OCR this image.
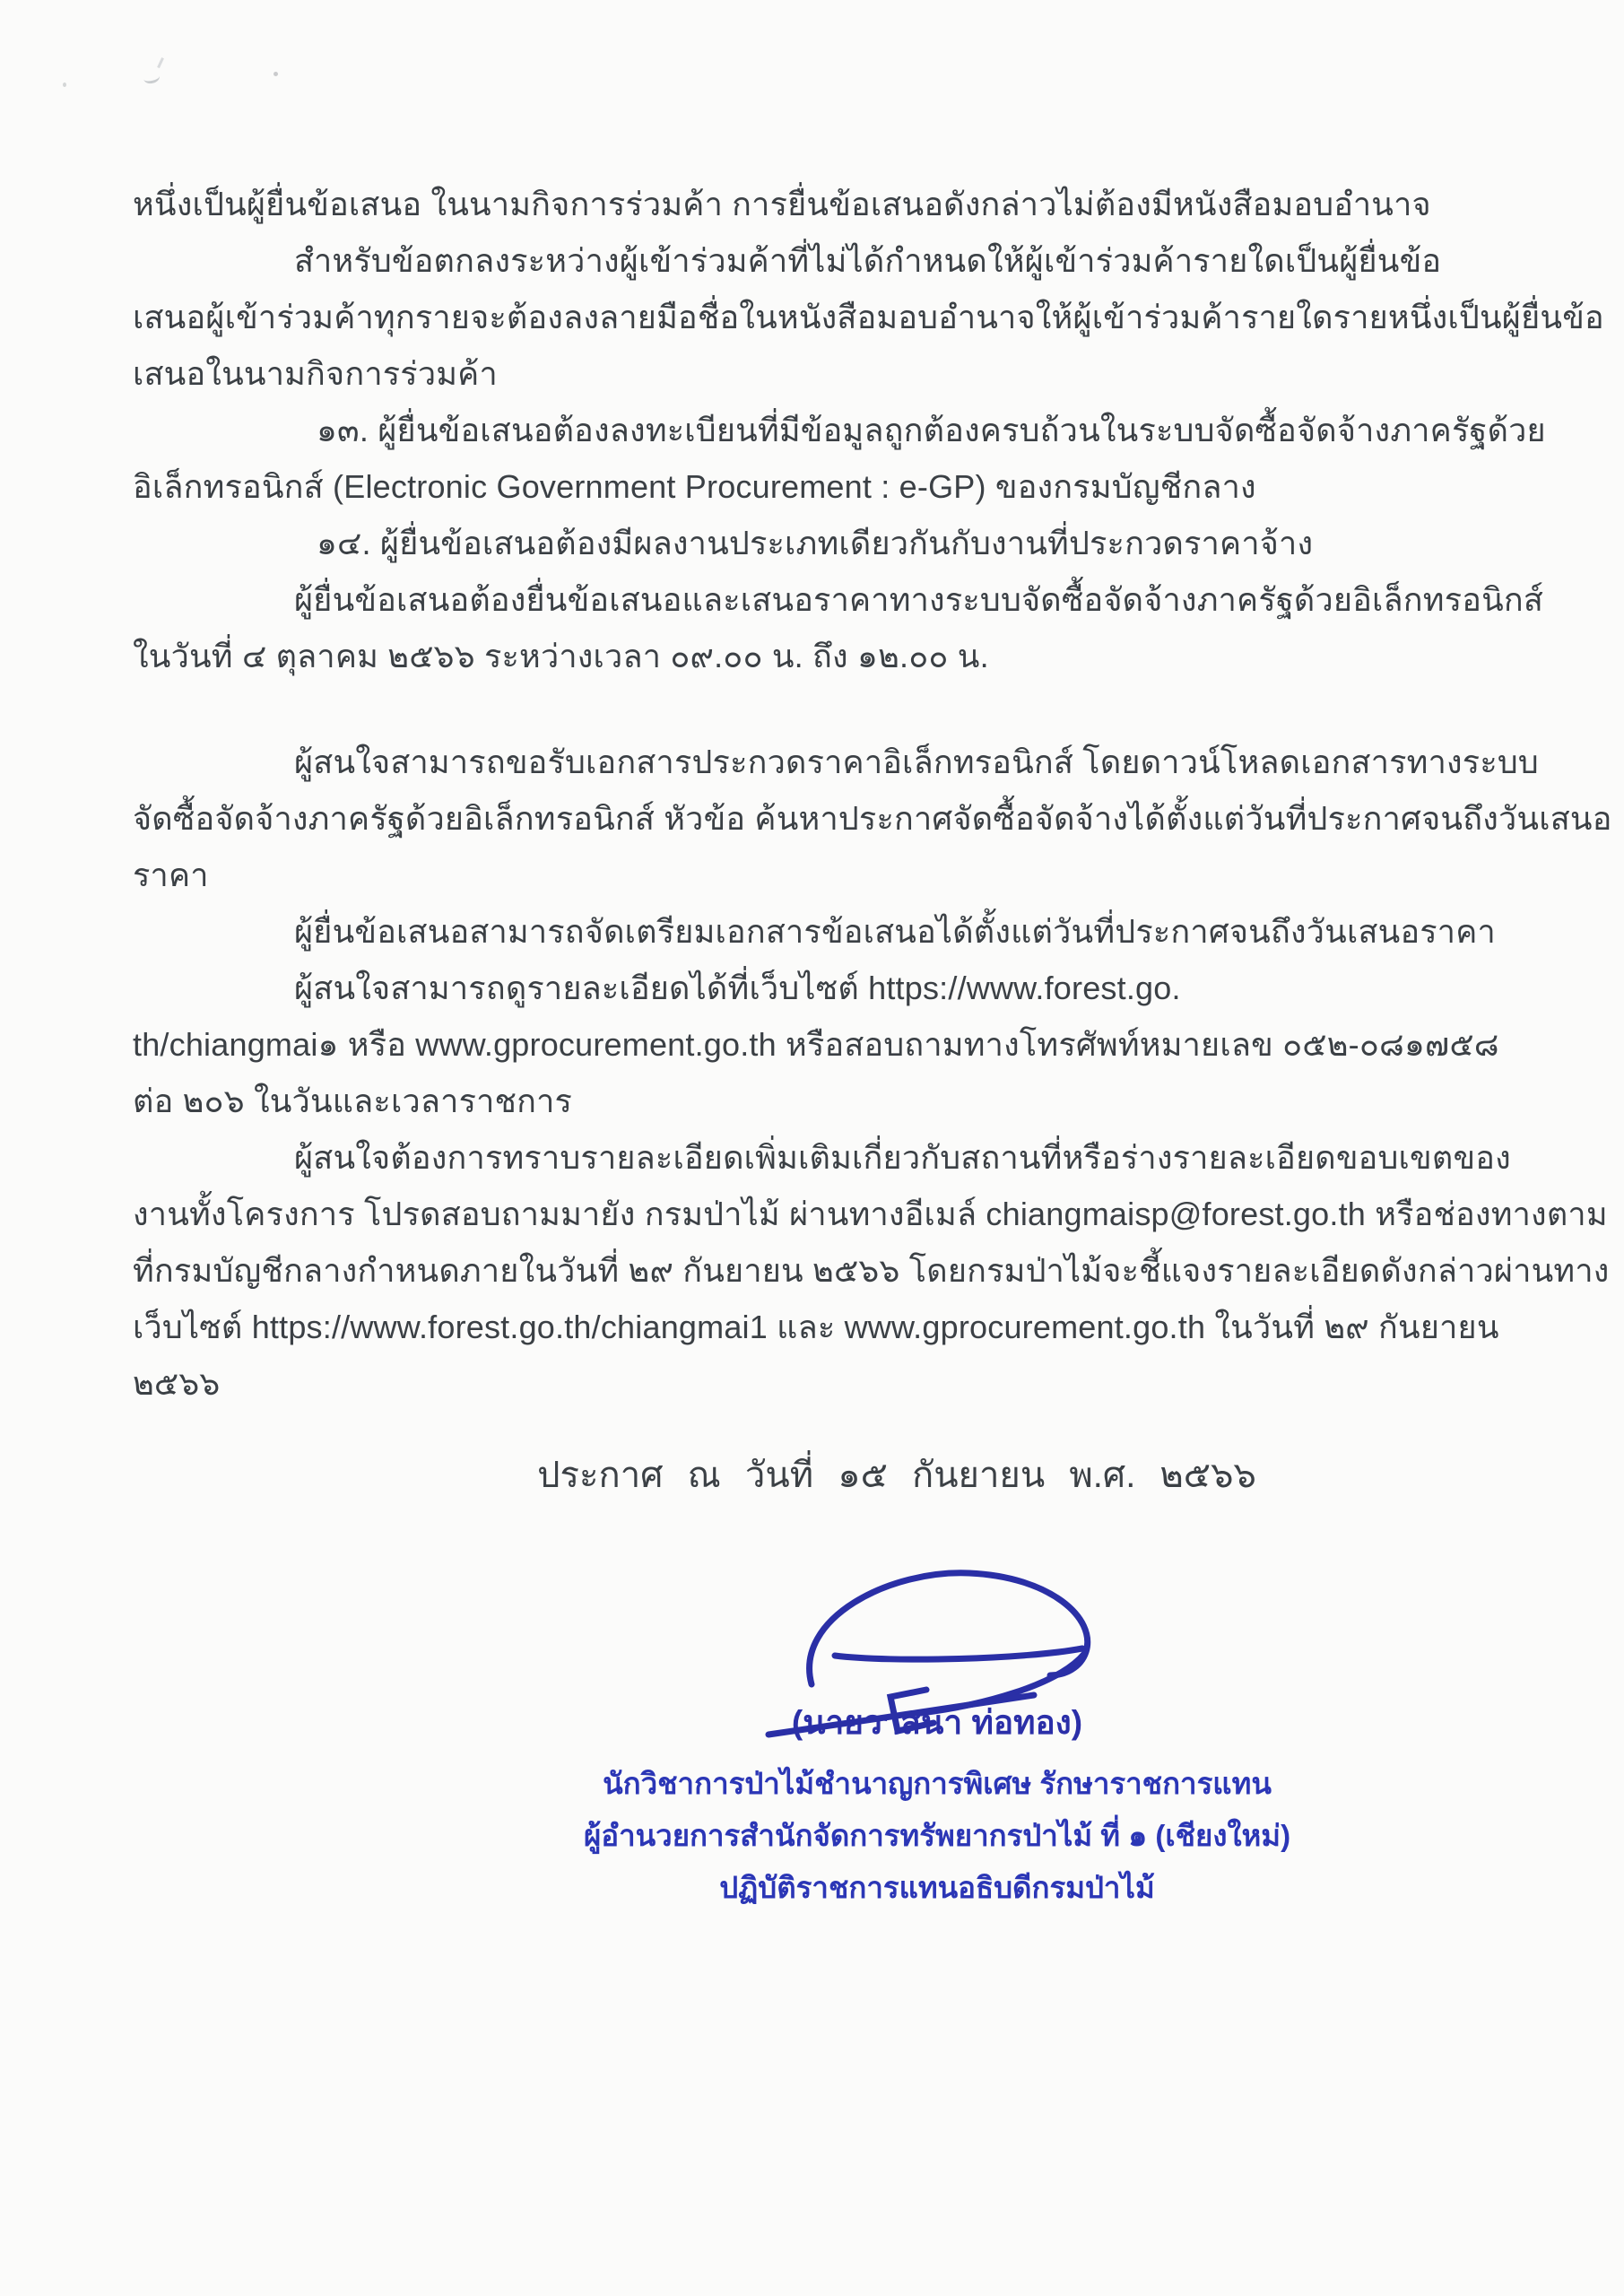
หนึ่งเป็นผู้ยื่นข้อเสนอ ในนามกิจการร่วมค้า การยื่นข้อเสนอดังกล่าวไม่ต้องมีหนังสือมอบอำนาจ
สำหรับข้อตกลงระหว่างผู้เข้าร่วมค้าที่ไม่ได้กำหนดให้ผู้เข้าร่วมค้ารายใดเป็นผู้ยื่นข้อ
เสนอผู้เข้าร่วมค้าทุกรายจะต้องลงลายมือชื่อในหนังสือมอบอำนาจให้ผู้เข้าร่วมค้ารายใดรายหนึ่งเป็นผู้ยื่นข้อ
เสนอในนามกิจการร่วมค้า
๑๓. ผู้ยื่นข้อเสนอต้องลงทะเบียนที่มีข้อมูลถูกต้องครบถ้วนในระบบจัดซื้อจัดจ้างภาครัฐด้วย
อิเล็กทรอนิกส์ (Electronic Government Procurement : e-GP) ของกรมบัญชีกลาง
๑๔. ผู้ยื่นข้อเสนอต้องมีผลงานประเภทเดียวกันกับงานที่ประกวดราคาจ้าง
ผู้ยื่นข้อเสนอต้องยื่นข้อเสนอและเสนอราคาทางระบบจัดซื้อจัดจ้างภาครัฐด้วยอิเล็กทรอนิกส์
ในวันที่ ๔ ตุลาคม ๒๕๖๖ ระหว่างเวลา ๐๙.๐๐ น. ถึง ๑๒.๐๐ น.
ผู้สนใจสามารถขอรับเอกสารประกวดราคาอิเล็กทรอนิกส์ โดยดาวน์โหลดเอกสารทางระบบ
จัดซื้อจัดจ้างภาครัฐด้วยอิเล็กทรอนิกส์ หัวข้อ ค้นหาประกาศจัดซื้อจัดจ้างได้ตั้งแต่วันที่ประกาศจนถึงวันเสนอ
ราคา
ผู้ยื่นข้อเสนอสามารถจัดเตรียมเอกสารข้อเสนอได้ตั้งแต่วันที่ประกาศจนถึงวันเสนอราคา
ผู้สนใจสามารถดูรายละเอียดได้ที่เว็บไซต์ https://www.forest.go.
th/chiangmai๑ หรือ www.gprocurement.go.th หรือสอบถามทางโทรศัพท์หมายเลข ๐๕๒-๐๘๑๗๕๘
ต่อ ๒๐๖ ในวันและเวลาราชการ
ผู้สนใจต้องการทราบรายละเอียดเพิ่มเติมเกี่ยวกับสถานที่หรือร่างรายละเอียดขอบเขตของ
งานทั้งโครงการ โปรดสอบถามมายัง กรมป่าไม้ ผ่านทางอีเมล์ chiangmaisp@forest.go.th หรือช่องทางตาม
ที่กรมบัญชีกลางกำหนดภายในวันที่ ๒๙ กันยายน ๒๕๖๖ โดยกรมป่าไม้จะชี้แจงรายละเอียดดังกล่าวผ่านทาง
เว็บไซต์ https://www.forest.go.th/chiangmai1 และ www.gprocurement.go.th ในวันที่ ๒๙ กันยายน
๒๕๖๖
ประกาศ ณ วันที่ ๑๕ กันยายน พ.ศ. ๒๕๖๖
(นายวาสนา ท่อทอง)
นักวิชาการป่าไม้ชำนาญการพิเศษ รักษาราชการแทน
ผู้อำนวยการสำนักจัดการทรัพยากรป่าไม้ ที่ ๑ (เชียงใหม่)
ปฏิบัติราชการแทนอธิบดีกรมป่าไม้
